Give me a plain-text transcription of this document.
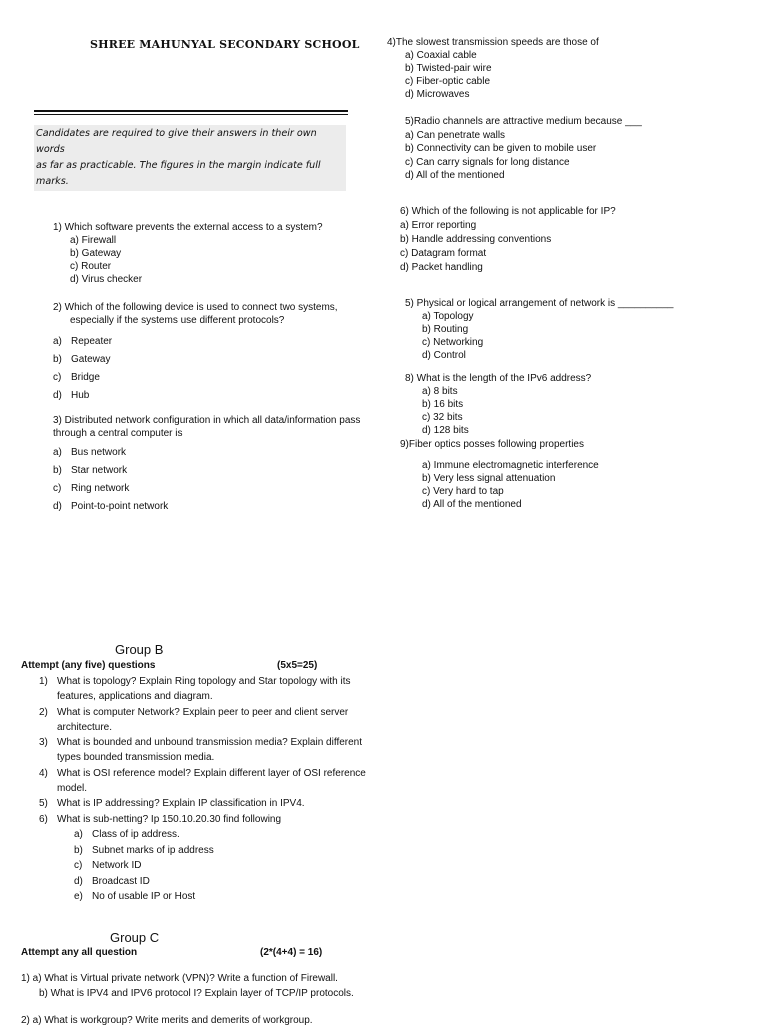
SHREE MAHUNYAL SECONDARY SCHOOL
Candidates are required to give their answers in their own words
as far as practicable. The figures in the margin indicate full marks.
1) Which software prevents the external access to a system?
a) Firewall
b) Gateway
c) Router
d) Virus checker
2) Which of the following device is used to connect two systems,
especially if the systems use different protocols?
a) Repeater
b) Gateway
c) Bridge
d) Hub
3) Distributed network configuration in which all data/information pass
through a central computer is
a) Bus network
b) Star network
c) Ring network
d) Point-to-point network
4)The slowest transmission speeds are those of
a) Coaxial cable
b) Twisted-pair wire
c) Fiber-optic cable
d) Microwaves
5)Radio channels are attractive medium because ___
a) Can penetrate walls
b) Connectivity can be given to mobile user
c) Can carry signals for long distance
d) All of the mentioned
6) Which of the following is not applicable for IP?
a) Error reporting
b) Handle addressing conventions
c) Datagram format
d) Packet handling
5) Physical or logical arrangement of network is __________
a) Topology
b) Routing
c) Networking
d) Control
8) What is the length of the IPv6 address?
a) 8 bits
b) 16 bits
c) 32 bits
d) 128 bits
9)Fiber optics posses following properties
a) Immune electromagnetic interference
b) Very less signal attenuation
c) Very hard to tap
d) All of the mentioned
Group B
Attempt (any five) questions	(5x5=25)
1) What is topology? Explain Ring topology and Star topology with its
features, applications and diagram.
2) What is computer Network? Explain peer to peer and client server
architecture.
3) What is bounded and unbound transmission media? Explain different
types bounded transmission media.
4) What is OSI reference model? Explain different layer of OSI reference
model.
5) What is IP addressing? Explain IP classification in IPV4.
6) What is sub-netting? Ip 150.10.20.30 find following
a) Class of ip address.
b) Subnet marks of ip address
c) Network ID
d) Broadcast ID
e) No of usable IP or Host
Group C
Attempt any all question	(2*(4+4) = 16)
1) a) What is Virtual private network (VPN)? Write a function of Firewall.
b) What is IPV4 and IPV6 protocol I? Explain layer of TCP/IP protocols.
2) a) What is workgroup? Write merits and demerits of workgroup.
